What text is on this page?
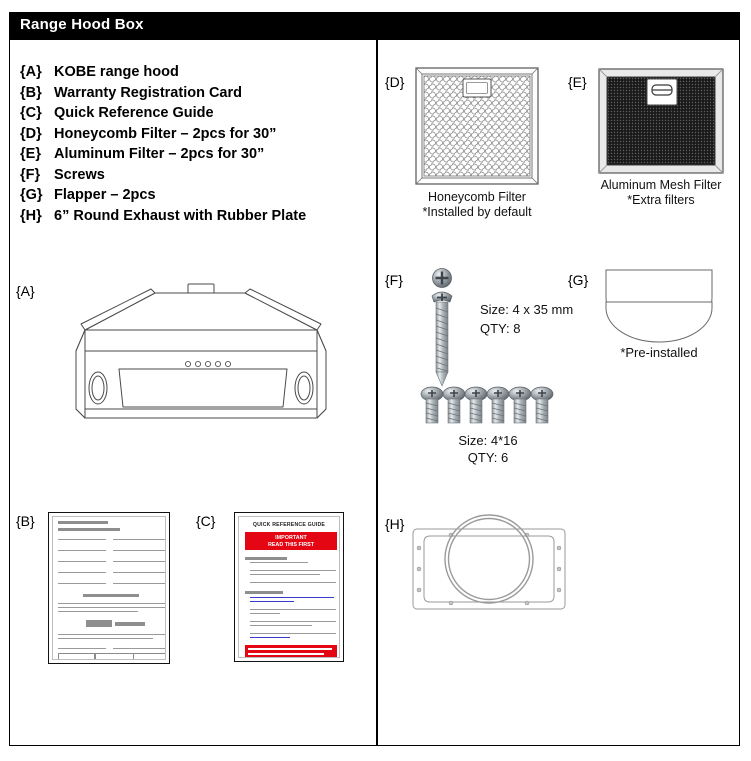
Range Hood Box
{A} KOBE range hood
{B} Warranty Registration Card
{C} Quick Reference Guide
{D} Honeycomb Filter – 2pcs for 30”
{E} Aluminum Filter – 2pcs for 30”
{F} Screws
{G} Flapper – 2pcs
{H} 6” Round Exhaust with Rubber Plate
{A}
{B}	{C}	QUICK REFERENCE GUIDE
IMPORTANT
READ THIS FIRST
{D}
Honeycomb Filter
*Installed by default
{E}
Aluminum Mesh Filter
*Extra filters
{F}
Size: 4 x 35 mm
QTY: 8
Size: 4*16
QTY: 6
{G}
*Pre-installed
{H}
